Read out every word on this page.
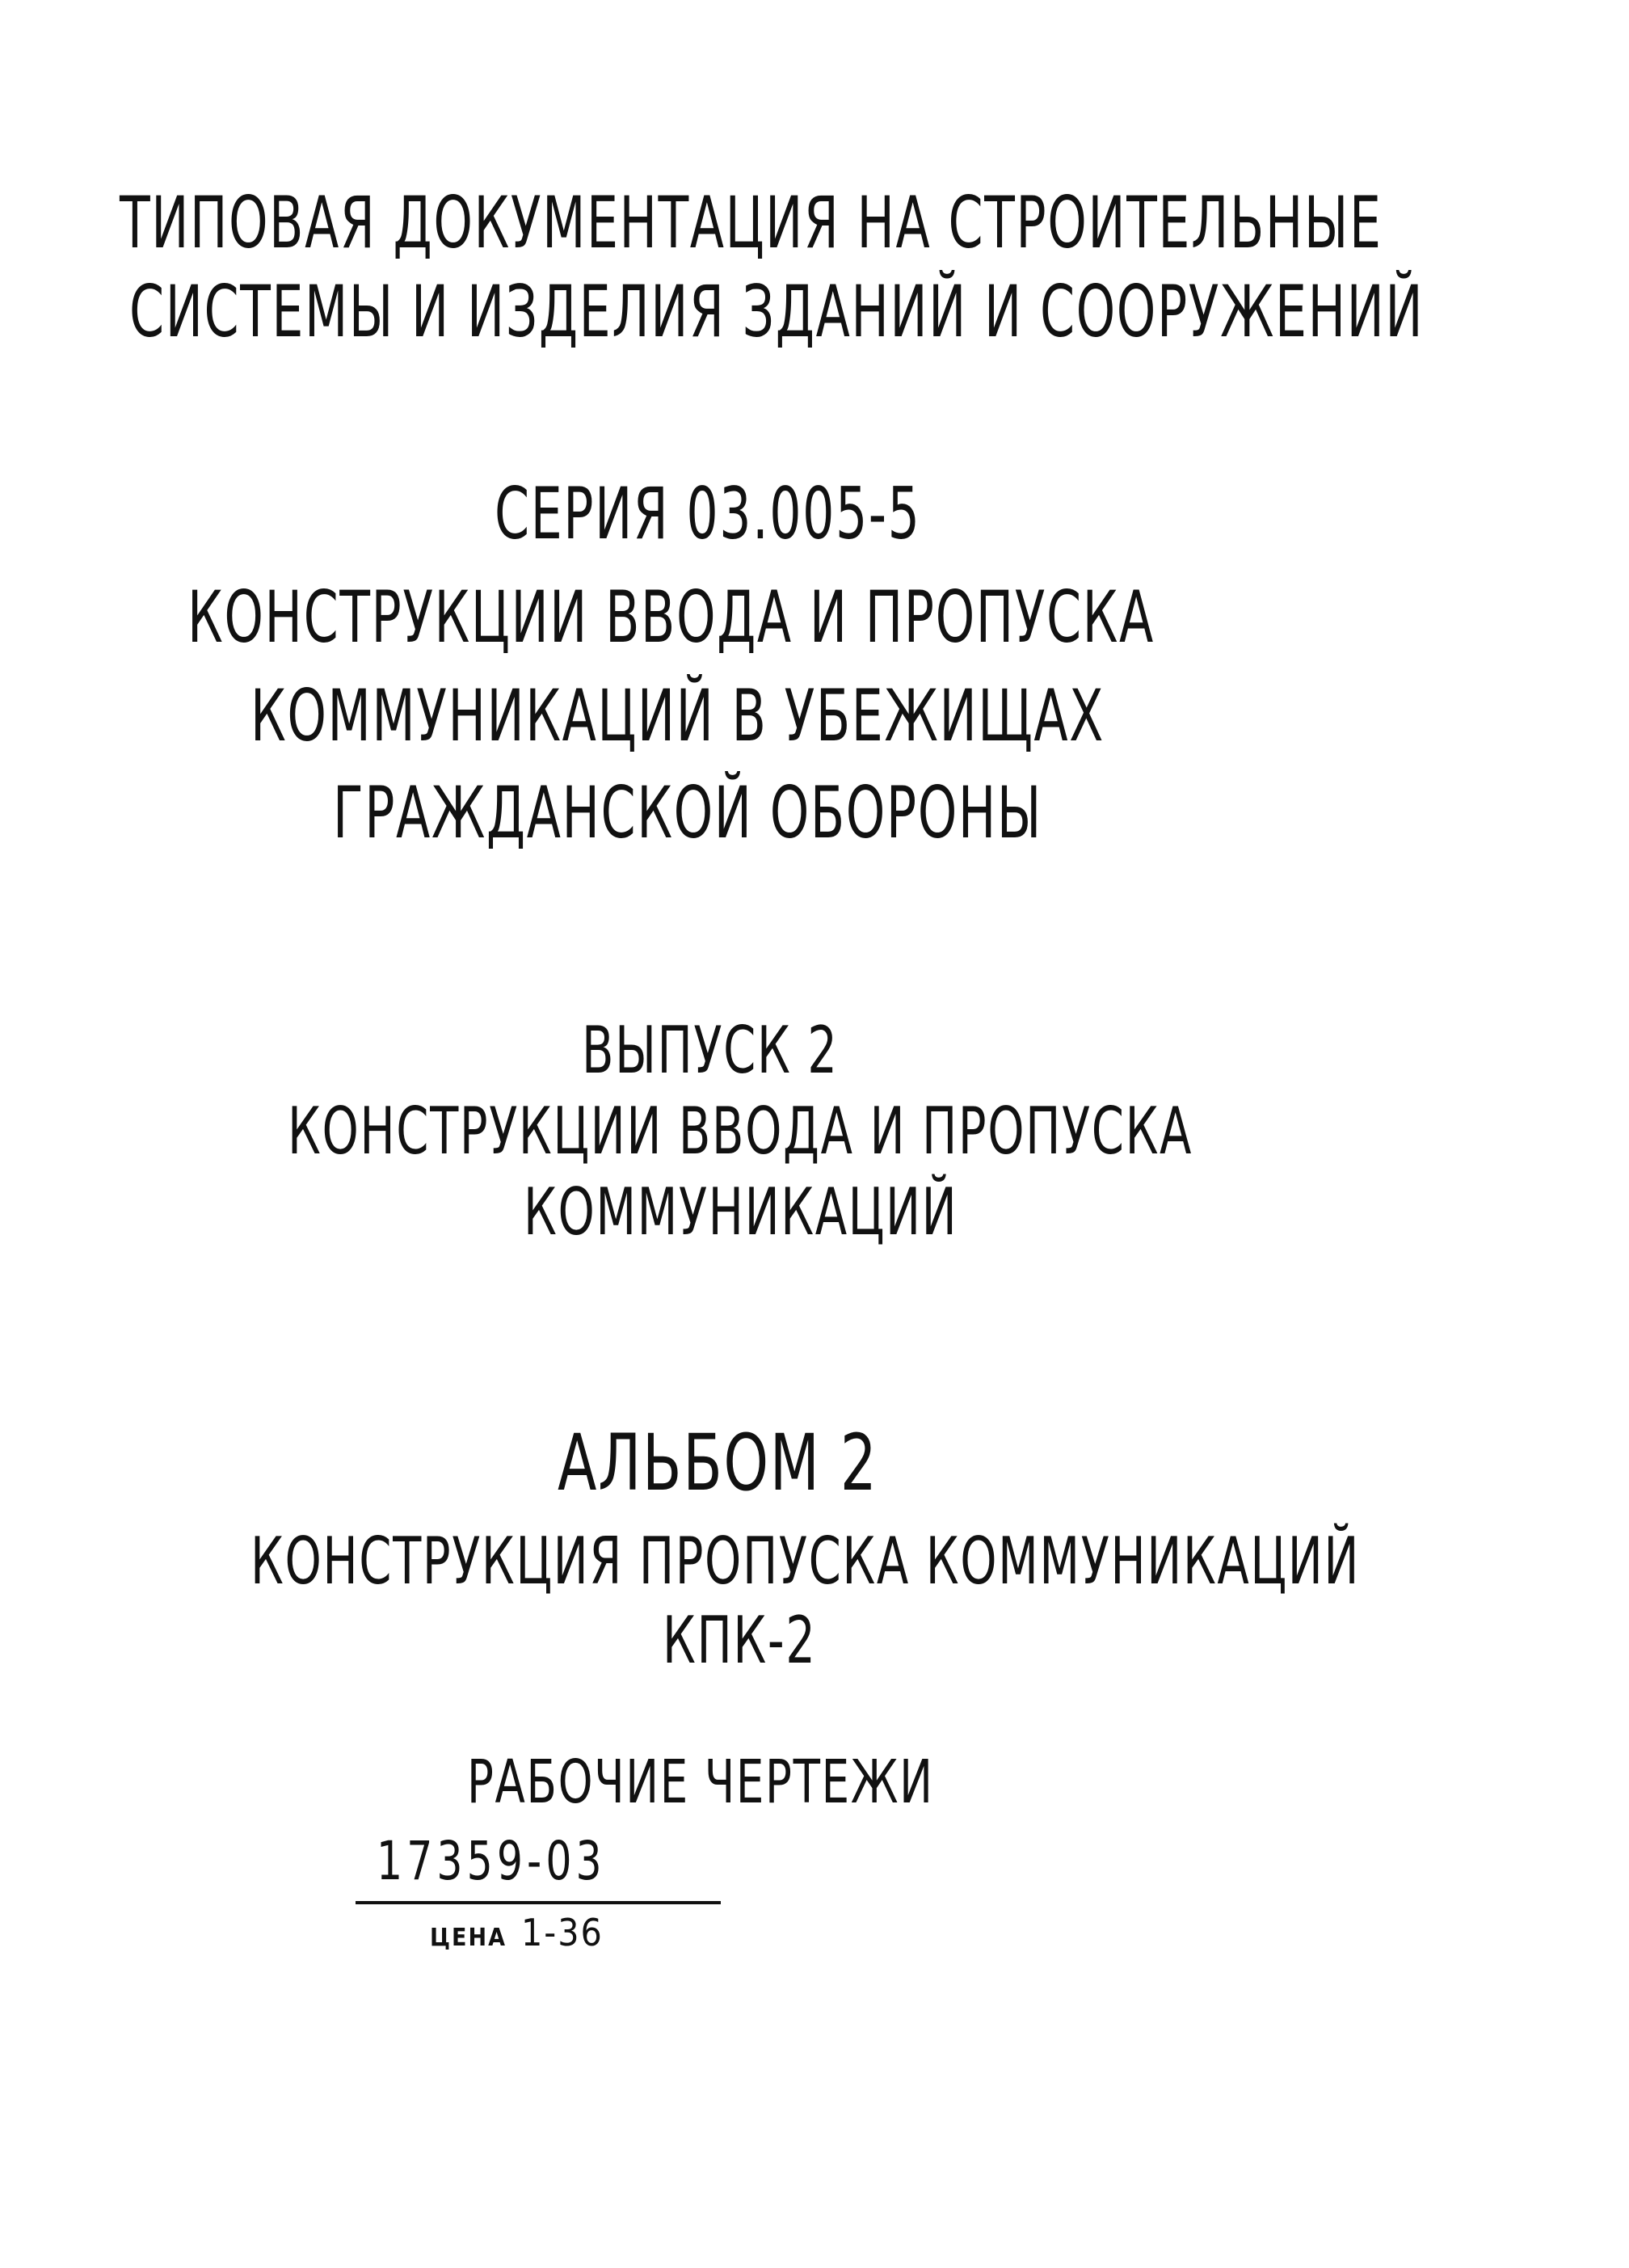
ТИПОВАЯ ДОКУМЕНТАЦИЯ НА СТРОИТЕЛЬНЫЕ
СИСТЕМЫ И ИЗДЕЛИЯ ЗДАНИЙ И СООРУЖЕНИЙ
СЕРИЯ 03.005-5
КОНСТРУКЦИИ ВВОДА И ПРОПУСКА
КОММУНИКАЦИЙ В УБЕЖИЩАХ
ГРАЖДАНСКОЙ ОБОРОНЫ
ВЫПУСК 2
КОНСТРУКЦИИ ВВОДА И ПРОПУСКА
КОММУНИКАЦИЙ
АЛЬБОМ 2
КОНСТРУКЦИЯ ПРОПУСКА КОММУНИКАЦИЙ
КПК-2
РАБОЧИЕ ЧЕРТЕЖИ
17359-03
ЦЕНА 1-36
